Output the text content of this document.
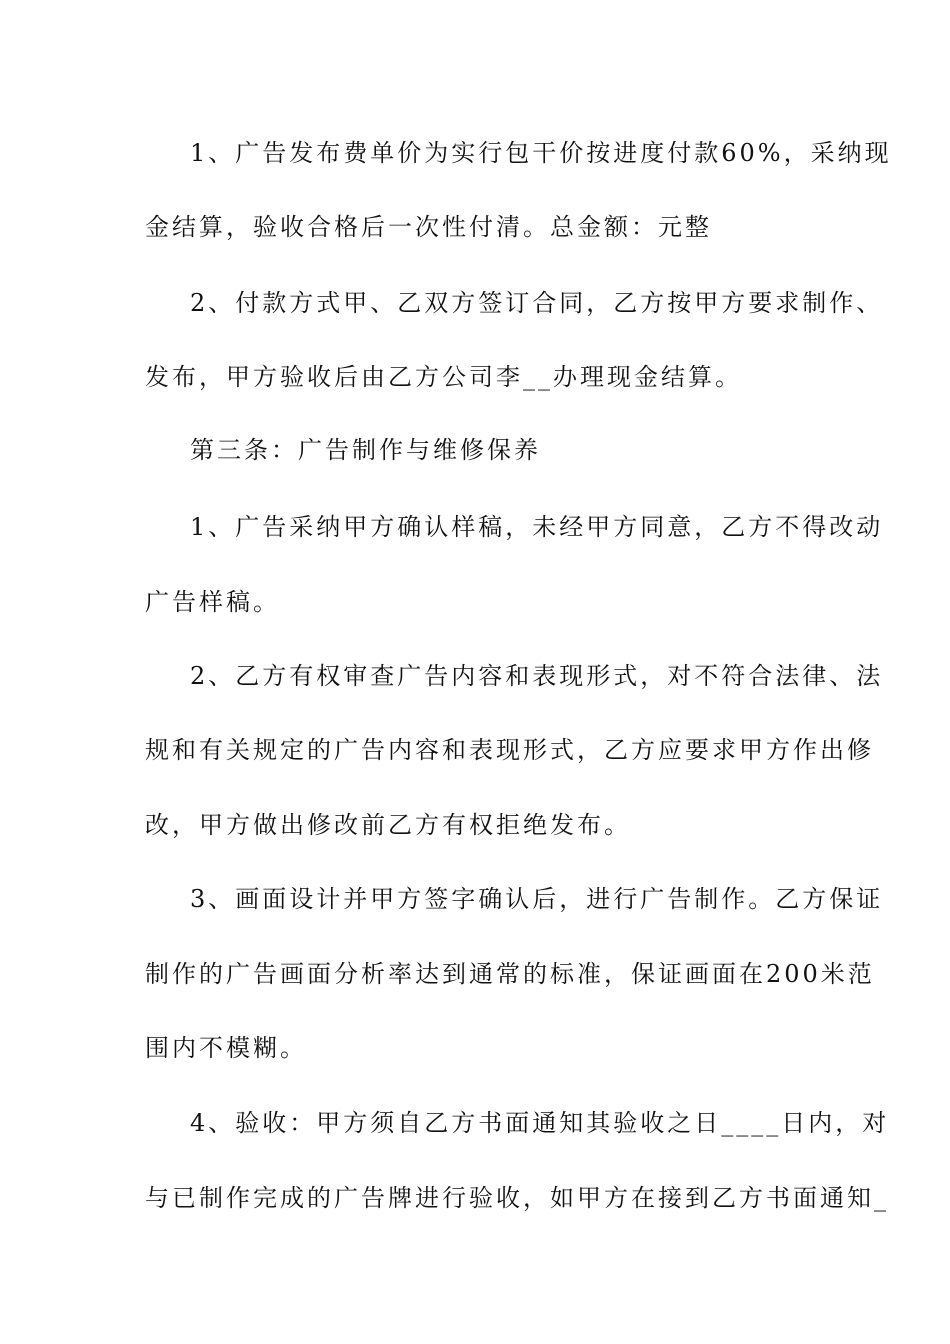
1、广告发布费单价为实行包干价按进度付款60%，采纳现
金结算，验收合格后一次性付清。总金额：元整
2、付款方式甲、乙双方签订合同，乙方按甲方要求制作、
发布，甲方验收后由乙方公司李__办理现金结算。
第三条：广告制作与维修保养
1、广告采纳甲方确认样稿，未经甲方同意，乙方不得改动
广告样稿。
2、乙方有权审查广告内容和表现形式，对不符合法律、法
规和有关规定的广告内容和表现形式，乙方应要求甲方作出修
改，甲方做出修改前乙方有权拒绝发布。
3、画面设计并甲方签字确认后，进行广告制作。乙方保证
制作的广告画面分析率达到通常的标准，保证画面在200米范
围内不模糊。
4、验收：甲方须自乙方书面通知其验收之日____日内，对
与已制作完成的广告牌进行验收，如甲方在接到乙方书面通知_
